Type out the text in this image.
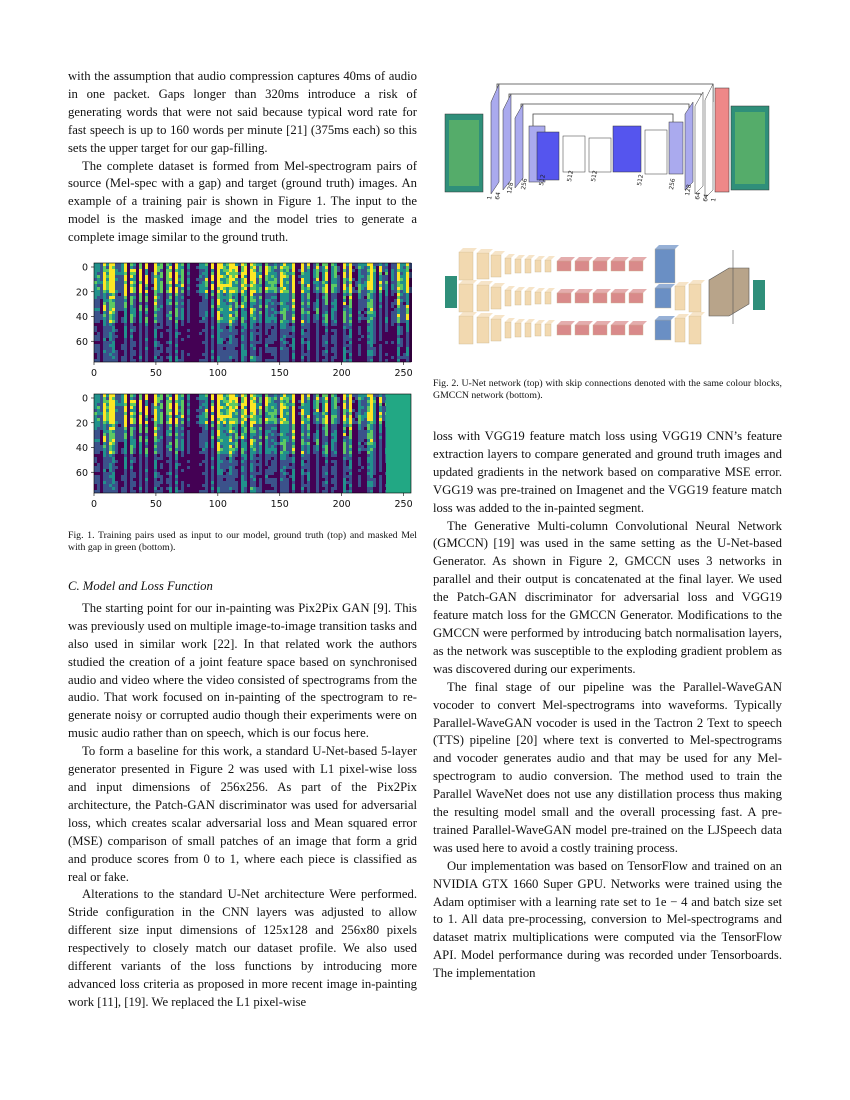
with the assumption that audio compression captures 40ms of audio in one packet. Gaps longer than 320ms introduce a risk of generating words that were not said because typical word rate for fast speech is up to 160 words per minute [21] (375ms each) so this sets the upper target for our gap-filling.

The complete dataset is formed from Mel-spectrogram pairs of source (Mel-spec with a gap) and target (ground truth) images. An example of a training pair is shown in Figure 1. The input to the model is the masked image and the model tries to generate a complete image similar to the ground truth.

0	50	100	150	200	250
0
20
40
60
0	50	100	150	200	250
0
20
40
60

Fig. 1. Training pairs used as input to our model, ground truth (top) and masked Mel with gap in green (bottom).

C. Model and Loss Function

The starting point for our in-painting was Pix2Pix GAN [9]. This was previously used on multiple image-to-image transition tasks and also used in similar work [22]. In that related work the authors studied the creation of a joint feature space based on synchronised audio and video where the video consisted of spectrograms from the audio. That work focused on in-painting of the spectrogram to re-generate noisy or corrupted audio though their experiments were on music audio rather than on speech, which is our focus here.

To form a baseline for this work, a standard U-Net-based 5-layer generator presented in Figure 2 was used with L1 pixel-wise loss and input dimensions of 256x256. As part of the Pix2Pix architecture, the Patch-GAN discriminator was used for adversarial loss, which creates scalar adversarial loss and Mean squared error (MSE) comparison of small patches of an image that form a grid and produce scores from 0 to 1, where each piece is classified as real or fake.

Alterations to the standard U-Net architecture Were performed. Stride configuration in the CNN layers was adjusted to allow different size input dimensions of 125x128 and 256x80 pixels respectively to closely match our dataset profile. We also used different variants of the loss functions by introducing more advanced loss criteria as proposed in more recent image in-painting work [11], [19]. We replaced the L1 pixel-wise

1 64
128 256 512	512	512	512	256 128 64 64 1

Fig. 2. U-Net network (top) with skip connections denoted with the same colour blocks, GMCCN network (bottom).

loss with VGG19 feature match loss using VGG19 CNN’s feature extraction layers to compare generated and ground truth images and updated gradients in the network based on comparative MSE error. VGG19 was pre-trained on Imagenet and the VGG19 feature match loss was added to the in-painted segment.

The Generative Multi-column Convolutional Neural Network (GMCCN) [19] was used in the same setting as the U-Net-based Generator. As shown in Figure 2, GMCCN uses 3 networks in parallel and their output is concatenated at the final layer. We used the Patch-GAN discriminator for adversarial loss and VGG19 feature match loss for the GMCCN Generator. Modifications to the GMCCN were performed by introducing batch normalisation layers, as the network was susceptible to the exploding gradient problem as was discovered during our experiments.

The final stage of our pipeline was the Parallel-WaveGAN vocoder to convert Mel-spectrograms into waveforms. Typically Parallel-WaveGAN vocoder is used in the Tactron 2 Text to speech (TTS) pipeline [20] where text is converted to Mel-spectrograms and vocoder generates audio and that may be used for any Mel-spectrogram to audio conversion. The method used to train the Parallel WaveNet does not use any distillation process thus making the resulting model small and the overall processing fast. A pre-trained Parallel-WaveGAN model pre-trained on the LJSpeech data was used here to avoid a costly training process.

Our implementation was based on TensorFlow and trained on an NVIDIA GTX 1660 Super GPU. Networks were trained using the Adam optimiser with a learning rate set to 1e − 4 and batch size set to 1. All data pre-processing, conversion to Mel-spectrograms and dataset matrix multiplications were computed via the TensorFlow API. Model performance during was recorded under Tensorboards. The implementation
